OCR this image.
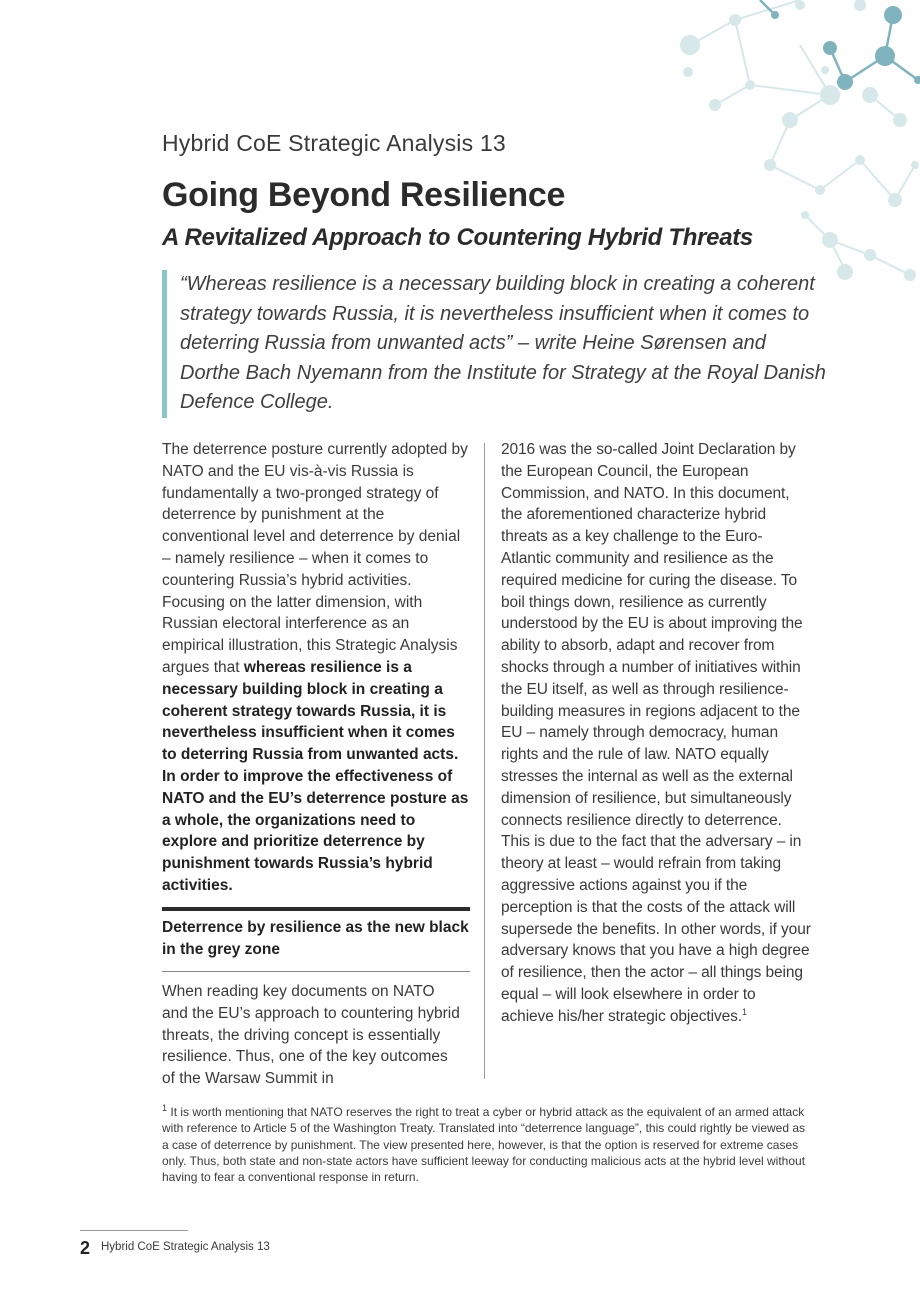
Hybrid CoE Strategic Analysis 13
Going Beyond Resilience
A Revitalized Approach to Countering Hybrid Threats
“Whereas resilience is a necessary building block in creating a coherent strategy towards Russia, it is nevertheless insufficient when it comes to deterring Russia from unwanted acts” – write Heine Sørensen and Dorthe Bach Nyemann from the Institute for Strategy at the Royal Danish Defence College.

The deterrence posture currently adopted by NATO and the EU vis-à-vis Russia is fundamentally a two-pronged strategy of deterrence by punishment at the conventional level and deterrence by denial – namely resilience – when it comes to countering Russia’s hybrid activities. Focusing on the latter dimension, with Russian electoral interference as an empirical illustration, this Strategic Analysis argues that whereas resilience is a necessary building block in creating a coherent strategy towards Russia, it is nevertheless insufficient when it comes to deterring Russia from unwanted acts. In order to improve the effectiveness of NATO and the EU’s deterrence posture as a whole, the organizations need to explore and prioritize deterrence by punishment towards Russia’s hybrid activities.

Deterrence by resilience as the new black in the grey zone

When reading key documents on NATO and the EU’s approach to countering hybrid threats, the driving concept is essentially resilience. Thus, one of the key outcomes of the Warsaw Summit in

2016 was the so-called Joint Declaration by the European Council, the European Commission, and NATO. In this document, the aforementioned characterize hybrid threats as a key challenge to the Euro-Atlantic community and resilience as the required medicine for curing the disease. To boil things down, resilience as currently understood by the EU is about improving the ability to absorb, adapt and recover from shocks through a number of initiatives within the EU itself, as well as through resilience-building measures in regions adjacent to the EU – namely through democracy, human rights and the rule of law. NATO equally stresses the internal as well as the external dimension of resilience, but simultaneously connects resilience directly to deterrence. This is due to the fact that the adversary – in theory at least – would refrain from taking aggressive actions against you if the perception is that the costs of the attack will supersede the benefits. In other words, if your adversary knows that you have a high degree of resilience, then the actor – all things being equal – will look elsewhere in order to achieve his/her strategic objectives.$^1$

$^1$ It is worth mentioning that NATO reserves the right to treat a cyber or hybrid attack as the equivalent of an armed attack with reference to Article 5 of the Washington Treaty. Translated into “deterrence language”, this could rightly be viewed as a case of deterrence by punishment. The view presented here, however, is that the option is reserved for extreme cases only. Thus, both state and non-state actors have sufficient leeway for conducting malicious acts at the hybrid level without having to fear a conventional response in return.
2 Hybrid CoE Strategic Analysis 13
